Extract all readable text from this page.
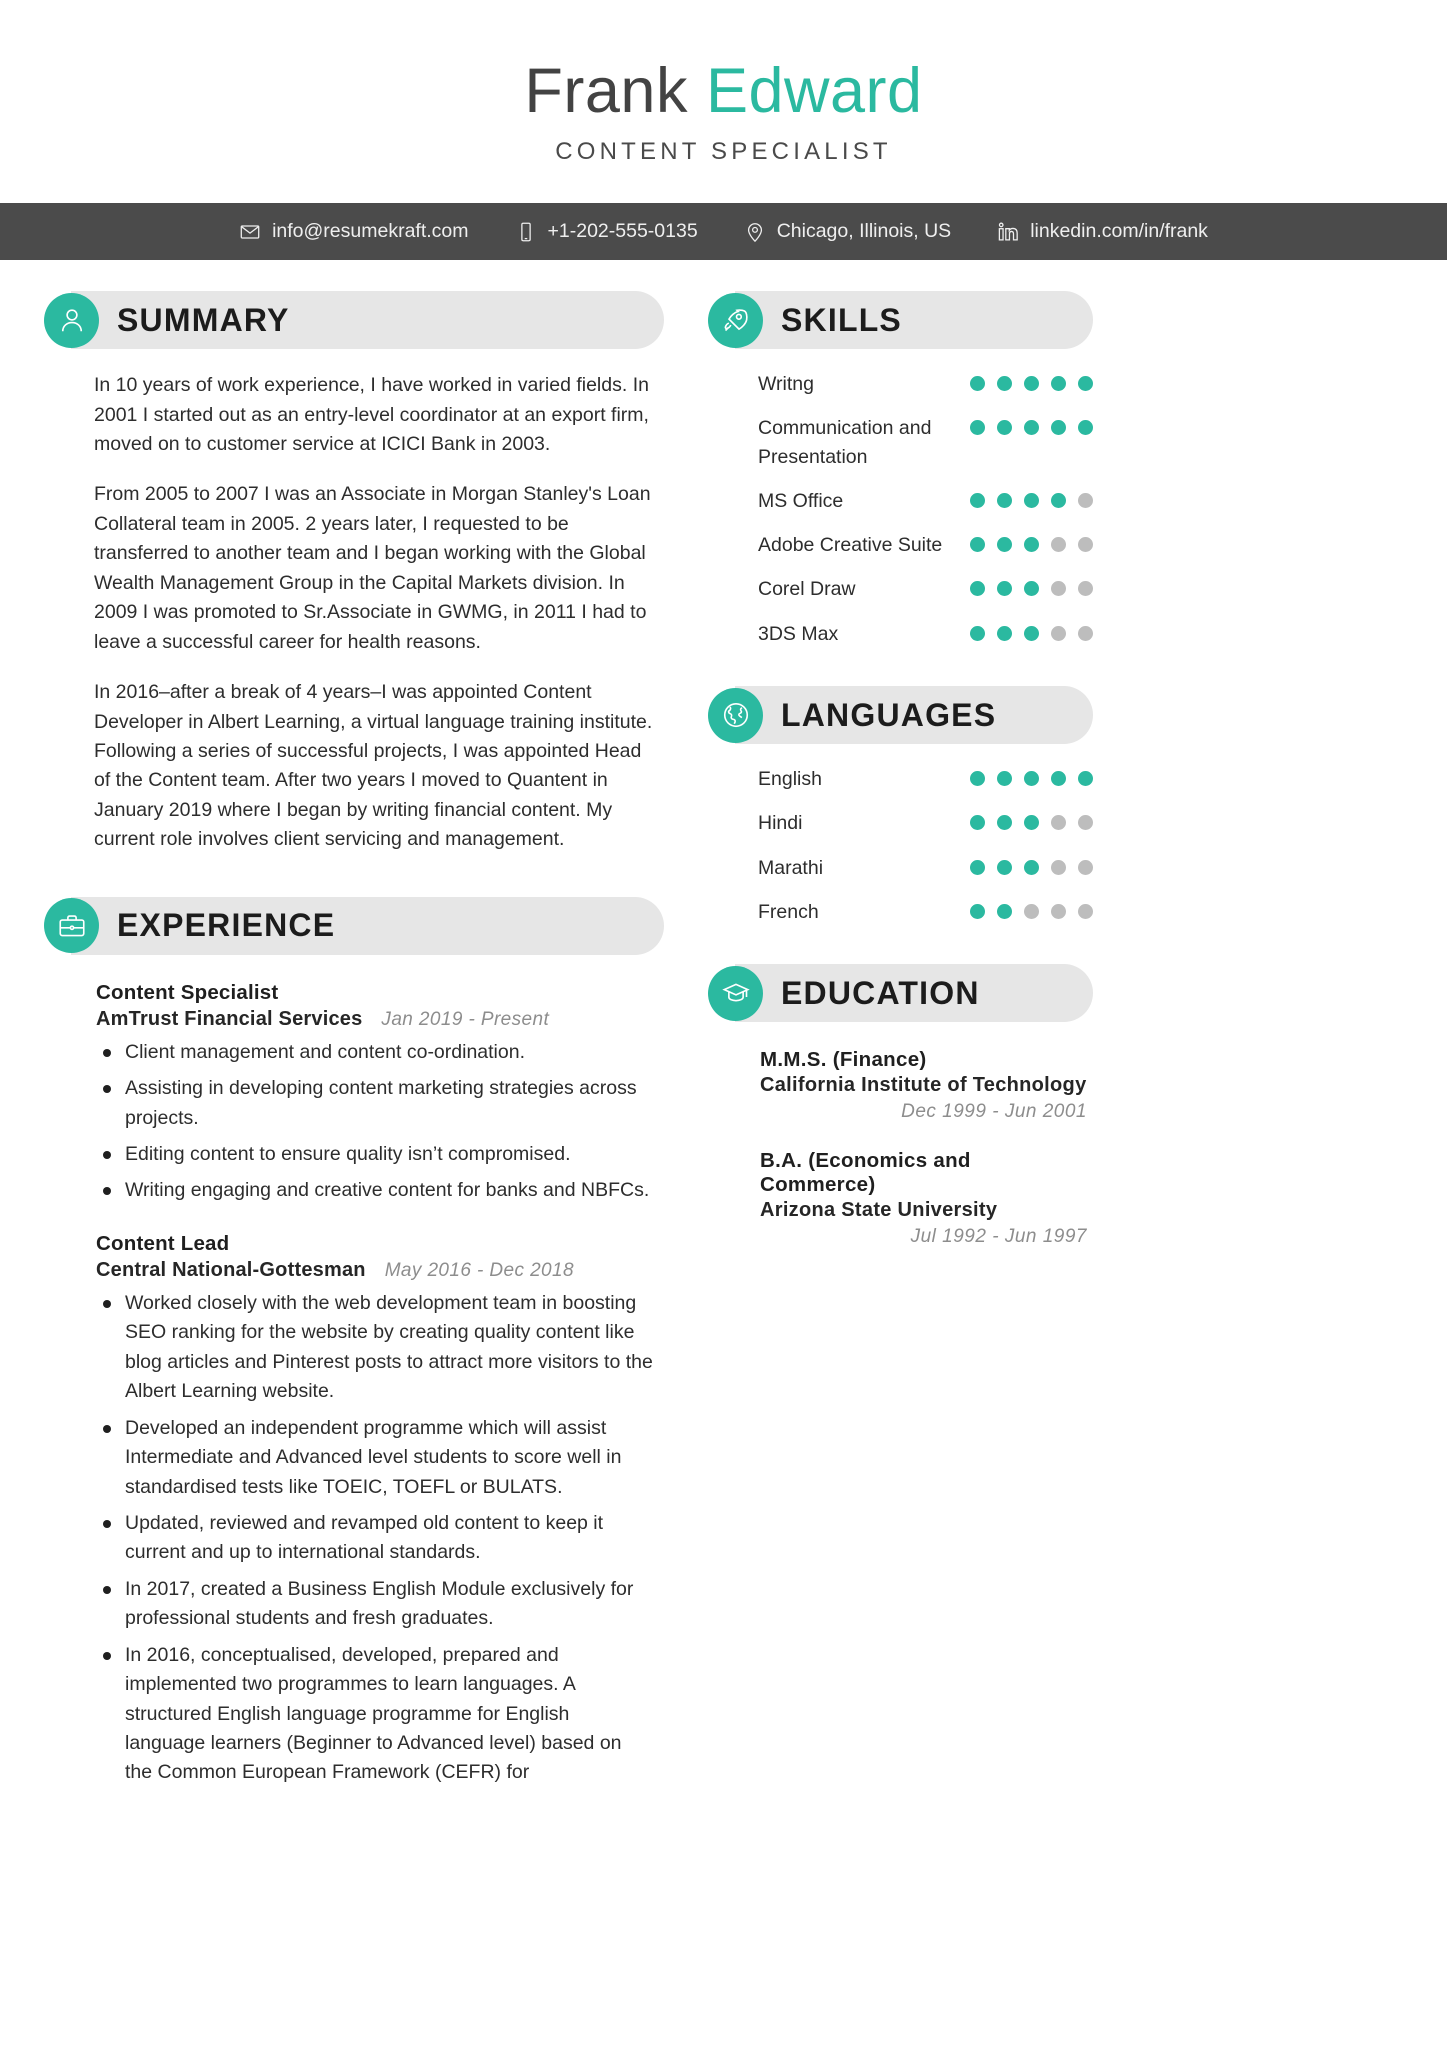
Frank Edward
CONTENT SPECIALIST
info@resumekraft.com	+1-202-555-0135	Chicago, Illinois, US	linkedin.com/in/frank
SUMMARY

In 10 years of work experience, I have worked in varied fields. In 2001 I started out as an entry-level coordinator at an export firm, moved on to customer service at ICICI Bank in 2003.

From 2005 to 2007 I was an Associate in Morgan Stanley's Loan Collateral team in 2005. 2 years later, I requested to be transferred to another team and I began working with the Global Wealth Management Group in the Capital Markets division. In 2009 I was promoted to Sr.Associate in GWMG, in 2011 I had to leave a successful career for health reasons.

In 2016–after a break of 4 years–I was appointed Content Developer in Albert Learning, a virtual language training institute. Following a series of successful projects, I was appointed Head of the Content team. After two years I moved to Quantent in January 2019 where I began by writing financial content. My current role involves client servicing and management.

EXPERIENCE
Content Specialist
AmTrust Financial Services Jan 2019 - Present
Client management and content co-ordination.
Assisting in developing content marketing strategies across projects.
Editing content to ensure quality isn’t compromised.
Writing engaging and creative content for banks and NBFCs.
Content Lead
Central National-Gottesman May 2016 - Dec 2018
Worked closely with the web development team in boosting SEO ranking for the website by creating quality content like blog articles and Pinterest posts to attract more visitors to the Albert Learning website.
Developed an independent programme which will assist Intermediate and Advanced level students to score well in standardised tests like TOEIC, TOEFL or BULATS.
Updated, reviewed and revamped old content to keep it current and up to international standards.
In 2017, created a Business English Module exclusively for professional students and fresh graduates.
In 2016, conceptualised, developed, prepared and implemented two programmes to learn languages. A structured English language programme for English language learners (Beginner to Advanced level) based on the Common European Framework (CEFR) for
SKILLS
Writng
Communication and Presentation
MS Office
Adobe Creative Suite
Corel Draw
3DS Max
LANGUAGES
English
Hindi
Marathi
French
EDUCATION
M.M.S. (Finance)
California Institute of Technology
Dec 1999 - Jun 2001
B.A. (Economics and Commerce)
Arizona State University
Jul 1992 - Jun 1997
